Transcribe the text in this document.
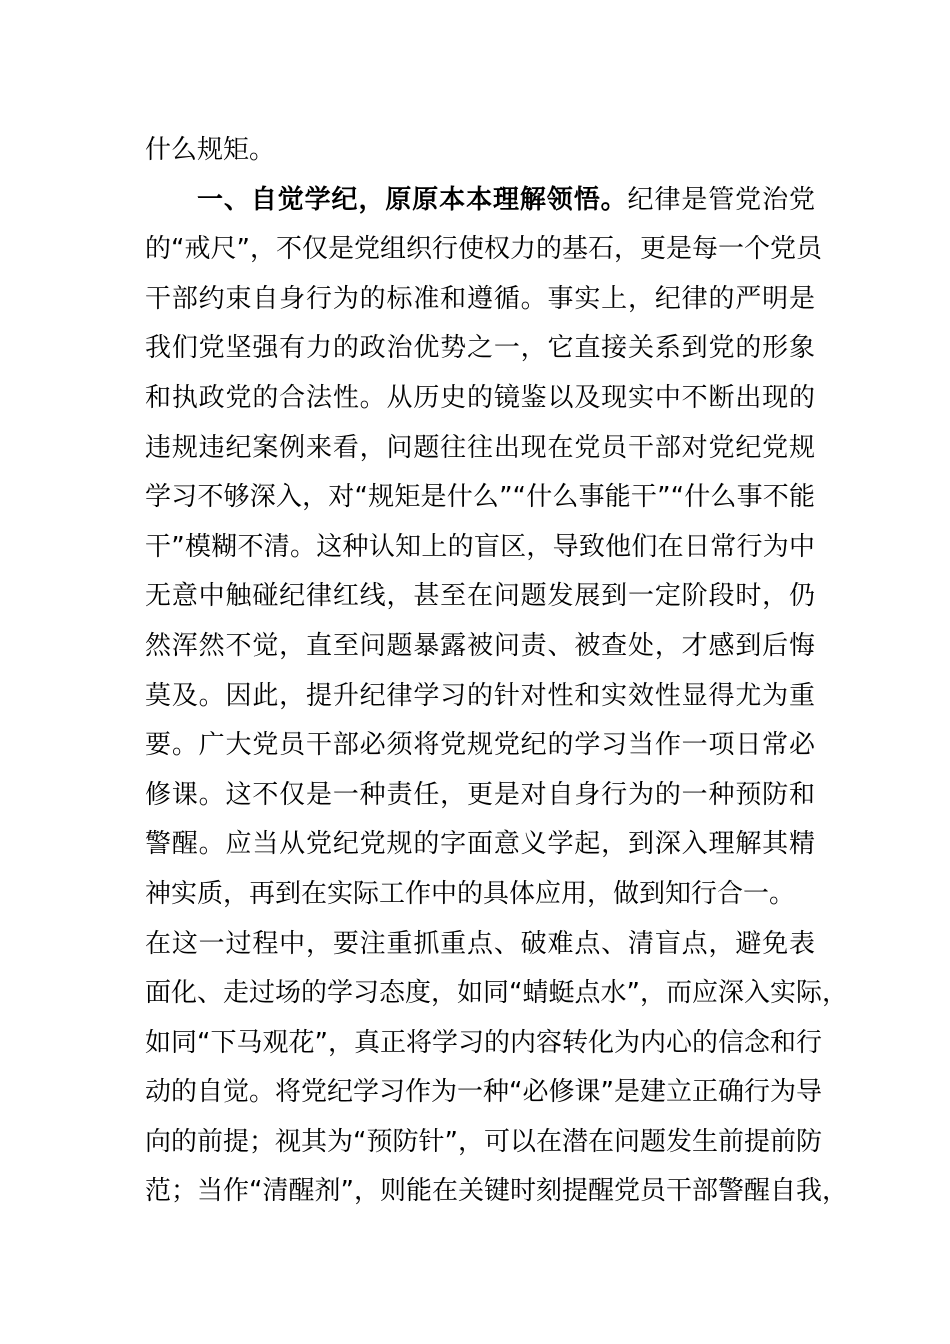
什么规矩。
一、自觉学纪，原原本本理解领悟。纪律是管党治党
的“戒尺”，不仅是党组织行使权力的基石，更是每一个党员
干部约束自身行为的标准和遵循。事实上，纪律的严明是
我们党坚强有力的政治优势之一，它直接关系到党的形象
和执政党的合法性。从历史的镜鉴以及现实中不断出现的
违规违纪案例来看，问题往往出现在党员干部对党纪党规
学习不够深入，对“规矩是什么”“什么事能干”“什么事不能
干”模糊不清。这种认知上的盲区，导致他们在日常行为中
无意中触碰纪律红线，甚至在问题发展到一定阶段时，仍
然浑然不觉，直至问题暴露被问责、被查处，才感到后悔
莫及。因此，提升纪律学习的针对性和实效性显得尤为重
要。广大党员干部必须将党规党纪的学习当作一项日常必
修课。这不仅是一种责任，更是对自身行为的一种预防和
警醒。应当从党纪党规的字面意义学起，到深入理解其精
神实质，再到在实际工作中的具体应用，做到知行合一。
在这一过程中，要注重抓重点、破难点、清盲点，避免表
面化、走过场的学习态度，如同“蜻蜓点水”，而应深入实际，
如同“下马观花”，真正将学习的内容转化为内心的信念和行
动的自觉。将党纪学习作为一种“必修课”是建立正确行为导
向的前提；视其为“预防针”，可以在潜在问题发生前提前防
范；当作“清醒剂”，则能在关键时刻提醒党员干部警醒自我，
